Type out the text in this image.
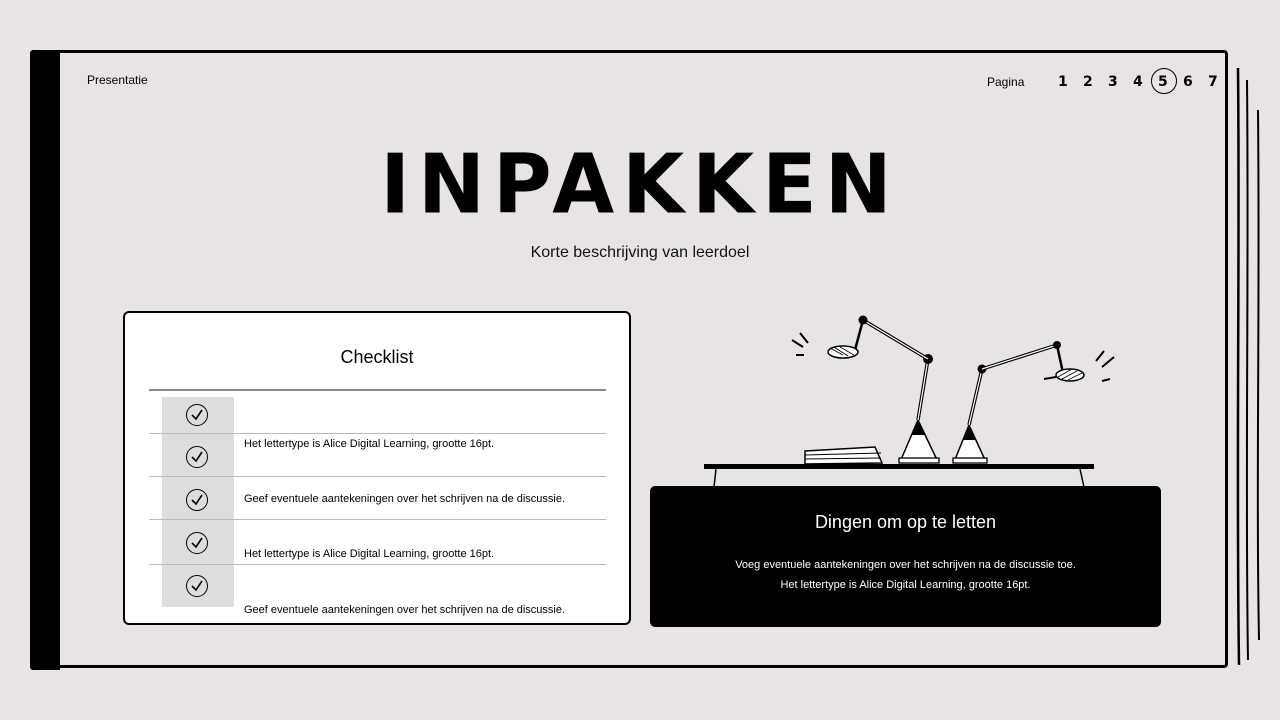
Presentatie	Pagina	1	2	3	4	5	6	7
INPAKKEN
Korte beschrijving van leerdoel
Checklist
Het lettertype is Alice Digital Learning, grootte 16pt.
Geef eventuele aantekeningen over het schrijven na de discussie.
Het lettertype is Alice Digital Learning, grootte 16pt.
Geef eventuele aantekeningen over het schrijven na de discussie.
Dingen om op te letten
Voeg eventuele aantekeningen over het schrijven na de discussie toe.
Het lettertype is Alice Digital Learning, grootte 16pt.
